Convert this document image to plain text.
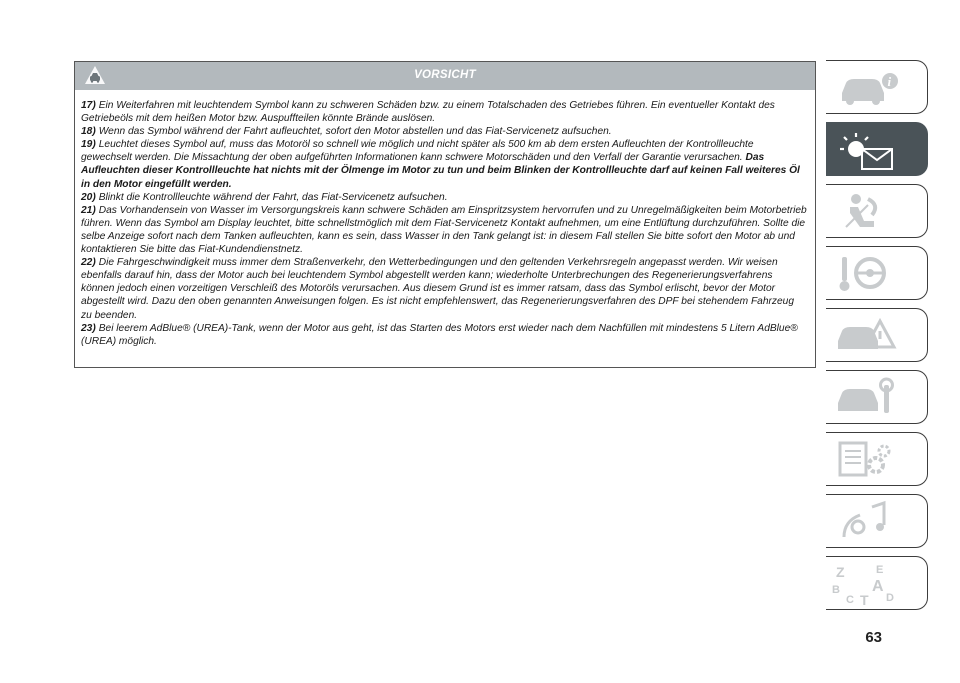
VORSICHT

17) Ein Weiterfahren mit leuchtendem Symbol kann zu schweren Schäden bzw. zu einem Totalschaden des Getriebes führen. Ein eventueller Kontakt des Getriebeöls mit dem heißen Motor bzw. Auspuffteilen könnte Brände auslösen.

18) Wenn das Symbol während der Fahrt aufleuchtet, sofort den Motor abstellen und das Fiat-Servicenetz aufsuchen.

19) Leuchtet dieses Symbol auf, muss das Motoröl so schnell wie möglich und nicht später als 500 km ab dem ersten Aufleuchten der Kontrollleuchte gewechselt werden. Die Missachtung der oben aufgeführten Informationen kann schwere Motorschäden und den Verfall der Garantie verursachen. Das Aufleuchten dieser Kontrollleuchte hat nichts mit der Ölmenge im Motor zu tun und beim Blinken der Kontrollleuchte darf auf keinen Fall weiteres Öl in den Motor eingefüllt werden.

20) Blinkt die Kontrollleuchte während der Fahrt, das Fiat-Servicenetz aufsuchen.

21) Das Vorhandensein von Wasser im Versorgungskreis kann schwere Schäden am Einspritzsystem hervorrufen und zu Unregelmäßigkeiten beim Motorbetrieb führen. Wenn das Symbol am Display leuchtet, bitte schnellstmöglich mit dem Fiat-Servicenetz Kontakt aufnehmen, um eine Entlüftung durchzuführen. Sollte die selbe Anzeige sofort nach dem Tanken aufleuchten, kann es sein, dass Wasser in den Tank gelangt ist: in diesem Fall stellen Sie bitte sofort den Motor ab und kontaktieren Sie bitte das Fiat-Kundendienstnetz.

22) Die Fahrgeschwindigkeit muss immer dem Straßenverkehr, den Wetterbedingungen und den geltenden Verkehrsregeln angepasst werden. Wir weisen ebenfalls darauf hin, dass der Motor auch bei leuchtendem Symbol abgestellt werden kann; wiederholte Unterbrechungen des Regenerierungsverfahrens können jedoch einen vorzeitigen Verschleiß des Motoröls verursachen. Aus diesem Grund ist es immer ratsam, dass das Symbol erlischt, bevor der Motor abgestellt wird. Dazu den oben genannten Anweisungen folgen. Es ist nicht empfehlenswert, das Regenerierungsverfahren des DPF bei stehendem Fahrzeug zu beenden.

23) Bei leerem AdBlue® (UREA)-Tank, wenn der Motor aus geht, ist das Starten des Motors erst wieder nach dem Nachfüllen mit mindestens 5 Litern AdBlue® (UREA) möglich.

i
Z	E
B A
C T D
63
